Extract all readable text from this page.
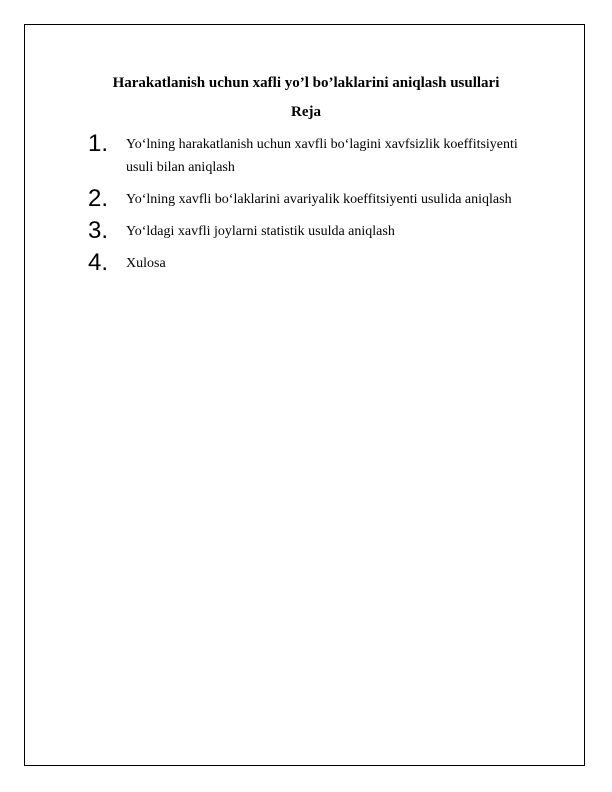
Harakatlanish uchun xafli yo’l bo’laklarini aniqlash usullari
Reja
1. Yo‘lning harakatlanish uchun xavfli bo‘lagini xavfsizlik koeffitsiyenti usuli bilan aniqlash
2. Yo‘lning xavfli bo‘laklarini avariyalik koeffitsiyenti usulida aniqlash
3. Yo‘ldagi xavfli joylarni statistik usulda aniqlash
4. Xulosa
